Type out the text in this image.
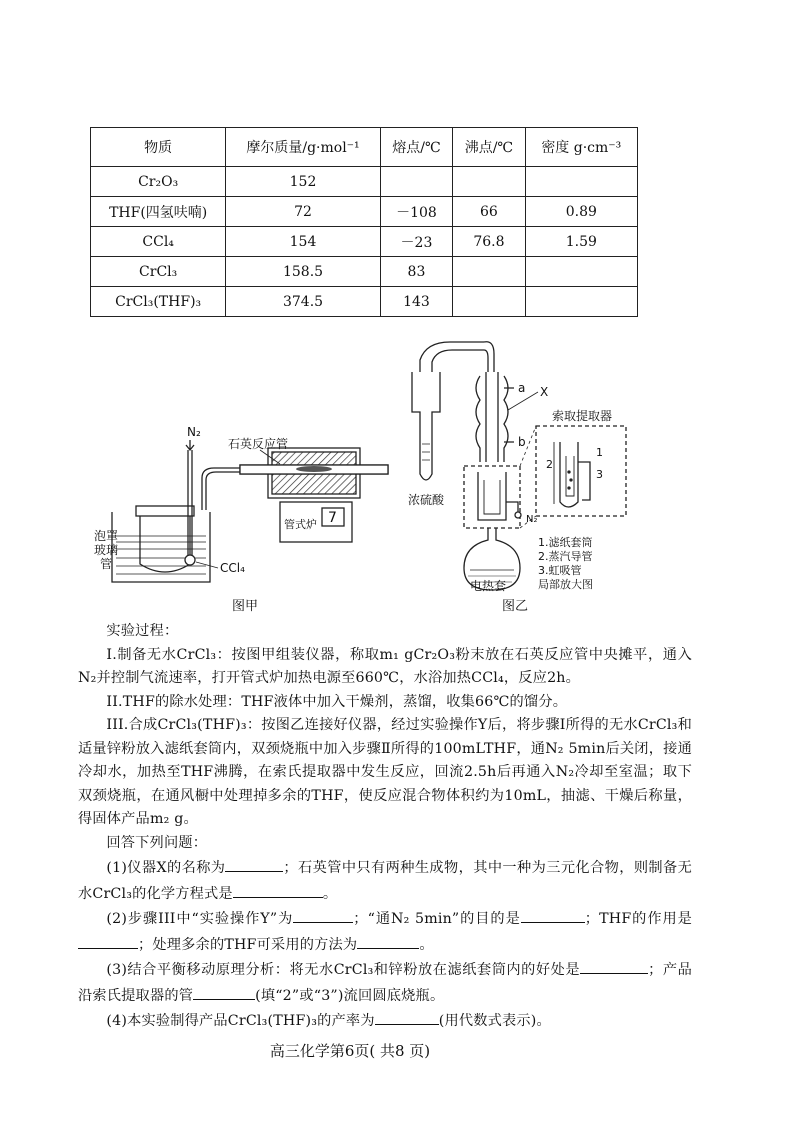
物质	摩尔质量/g·mol⁻¹	熔点/℃	沸点/℃	密度 g·cm⁻³
Cr₂O₃	152			
THF(四氢呋喃)	72	－108	66	0.89
CCl₄	154	－23	76.8	1.59
CrCl₃	158.5	83		
CrCl₃(THF)₃	374.5	143		
N₂
石英反应管
泡罩
玻璃
管	CCl₄
管式炉 7
图甲
浓硫酸
a X
b
N₂
电热套
索取提取器
2
1
3
1.滤纸套筒
2.蒸汽导管
3.虹吸管
局部放大图
图乙

实验过程：

I.制备无水CrCl₃：按图甲组装仪器，称取m₁ gCr₂O₃粉末放在石英反应管中央摊平，通入N₂并控制气流速率，打开管式炉加热电源至660℃，水浴加热CCl₄，反应2h。

II.THF的除水处理：THF液体中加入干燥剂，蒸馏，收集66℃的馏分。

III.合成CrCl₃(THF)₃：按图乙连接好仪器，经过实验操作Y后，将步骤Ⅰ所得的无水CrCl₃和适量锌粉放入滤纸套筒内，双颈烧瓶中加入步骤Ⅱ所得的100mLTHF，通N₂ 5min后关闭，接通冷却水，加热至THF沸腾，在索氏提取器中发生反应，回流2.5h后再通入N₂冷却至室温；取下双颈烧瓶，在通风橱中处理掉多余的THF，使反应混合物体积约为10mL，抽滤、干燥后称量，得固体产品m₂ g。

回答下列问题：

(1)仪器X的名称为	；石英管中只有两种生成物，其中一种为三元化合物，则制备无水CrCl₃的化学方程式是	。

(2)步骤III中“实验操作Y”为	；“通N₂ 5min”的目的是	；THF的作用是；处理多余的THF可采用的方法为	。

(3)结合平衡移动原理分析：将无水CrCl₃和锌粉放在滤纸套筒内的好处是	；产品沿索氏提取器的管	(填“2”或“3”)流回圆底烧瓶。

(4)本实验制得产品CrCl₃(THF)₃的产率为	(用代数式表示)。

高三化学第6页( 共8 页)
